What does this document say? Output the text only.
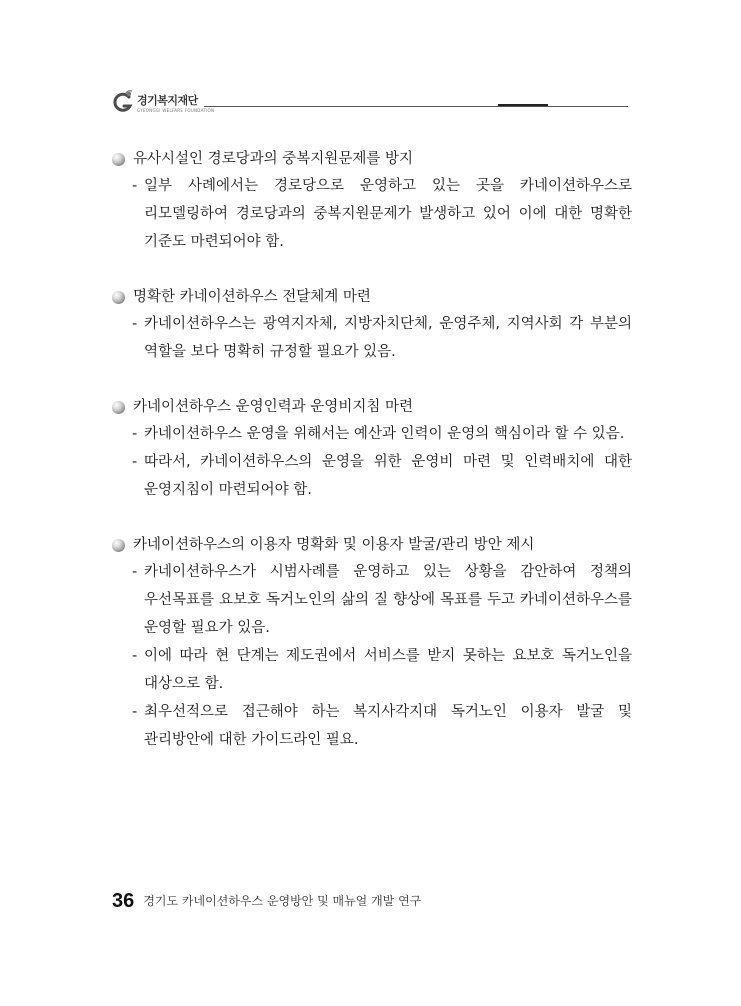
경기복지재단
GYEONGGI WELFARE FOUNDATION
유사시설인 경로당과의 중복지원문제를 방지
- 일부 사례에서는 경로당으로 운영하고 있는 곳을 카네이션하우스로 리모델링하여 경로당과의 중복지원문제가 발생하고 있어 이에 대한 명확한 기준도 마련되어야 함.
명확한 카네이션하우스 전달체계 마련
- 카네이션하우스는 광역지자체, 지방자치단체, 운영주체, 지역사회 각 부분의 역할을 보다 명확히 규정할 필요가 있음.
카네이션하우스 운영인력과 운영비지침 마련
- 카네이션하우스 운영을 위해서는 예산과 인력이 운영의 핵심이라 할 수 있음.
- 따라서, 카네이션하우스의 운영을 위한 운영비 마련 및 인력배치에 대한 운영지침이 마련되어야 함.
카네이션하우스의 이용자 명확화 및 이용자 발굴/관리 방안 제시
- 카네이션하우스가 시범사례를 운영하고 있는 상황을 감안하여 정책의 우선목표를 요보호 독거노인의 삶의 질 향상에 목표를 두고 카네이션하우스를 운영할 필요가 있음.
- 이에 따라 현 단계는 제도권에서 서비스를 받지 못하는 요보호 독거노인을 대상으로 함.
- 최우선적으로 접근해야 하는 복지사각지대 독거노인 이용자 발굴 및 관리방안에 대한 가이드라인 필요.
36 경기도 카네이션하우스 운영방안 및 매뉴얼 개발 연구
